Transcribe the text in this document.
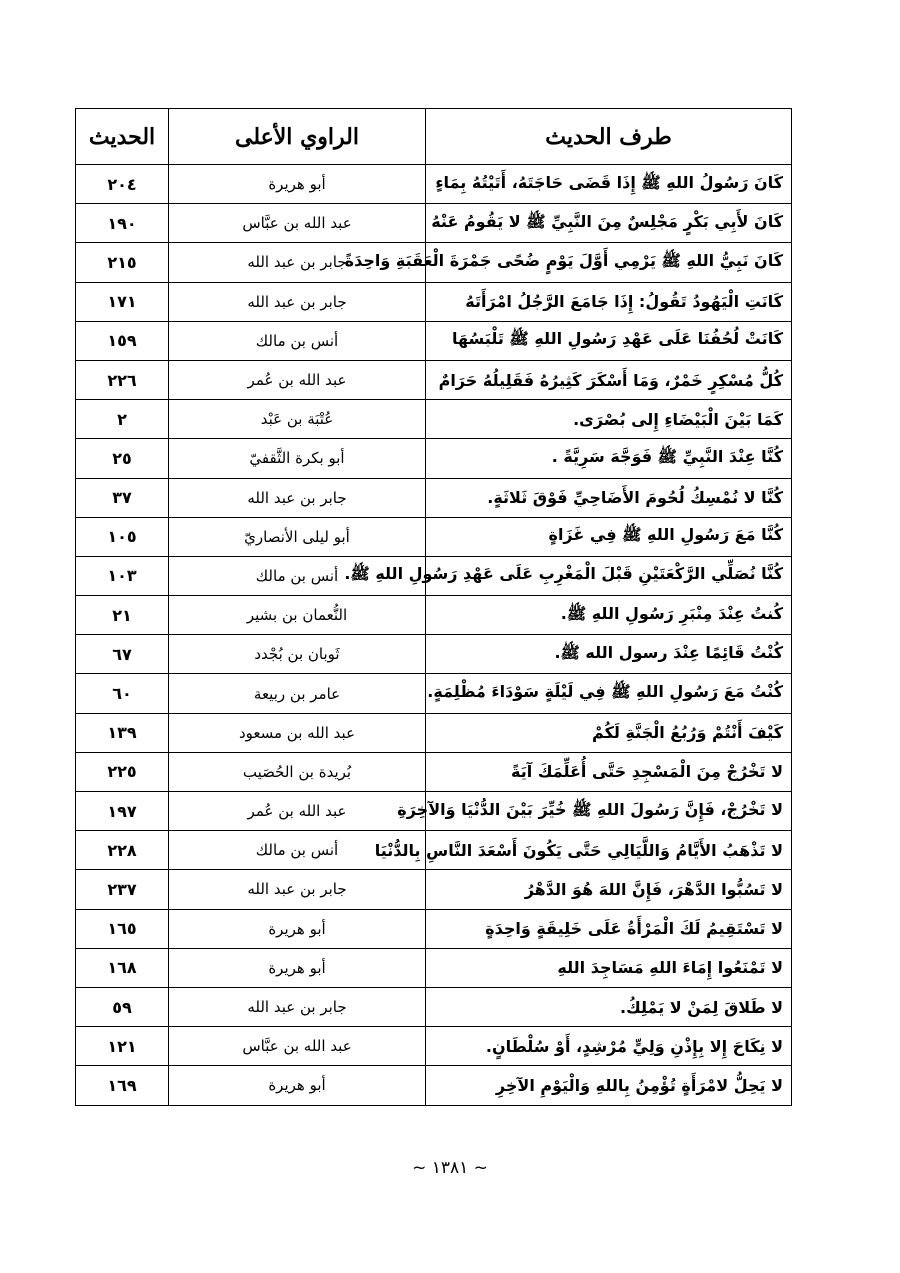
طرف الحديث	الراوي الأعلى		الحديث
كَانَ رَسُولُ اللهِ ﷺ إِذَا قَضَى حَاجَتَهُ، أَتَيْتُهُ بِمَاءٍ	أبو هريرة		٢٠٤
كَانَ لأَبِي بَكْرٍ مَجْلِسٌ مِنَ النَّبِيِّ ﷺ لا يَقُومُ عَنْهُ	عبد الله بن عبَّاس		١٩٠
كَانَ نَبِيُّ اللهِ ﷺ يَرْمِي أَوَّلَ يَوْمٍ ضُحًى جَمْرَةَ الْعَقَبَةِ وَاحِدَةً	جابر بن عبد الله		٢١٥
كَانَتِ الْيَهُودُ تَقُولُ: إِذَا جَامَعَ الرَّجُلُ امْرَأَتَهُ	جابر بن عبد الله		١٧١
كَانَتْ لُحُفُنَا عَلَى عَهْدِ رَسُولِ اللهِ ﷺ تَلْبَسُهَا	أنس بن مالك		١٥٩
كُلُّ مُسْكِرٍ خَمْرٌ، وَمَا أَسْكَرَ كَثِيرُهُ فَقَلِيلُهُ حَرَامٌ	عبد الله بن عُمر		٢٢٦
كَمَا بَيْنَ الْبَيْضَاءِ إِلى بُصْرَى.	عُتْبَة بن عَبْد		٢
كُنَّا عِنْدَ النَّبِيِّ ﷺ فَوَجَّهَ سَرِيَّةً .	أبو بكرة الثَّقفيّ		٢٥
كُنَّا لا نُمْسِكُ لُحُومَ الأَضَاحِيِّ فَوْقَ ثَلاثَةٍ.	جابر بن عبد الله		٣٧
كُنَّا مَعَ رَسُولِ اللهِ ﷺ فِي غَزَاةٍ	أبو ليلى الأنصاريّ		١٠٥
كُنَّا نُصَلِّي الرَّكْعَتَيْنِ قَبْلَ الْمَغْرِبِ عَلَى عَهْدِ رَسُولِ اللهِ ﷺ.	أنس بن مالك		١٠٣
كُنتُ عِنْدَ مِنْبَرِ رَسُولِ اللهِ ﷺ.	النُّعمان بن بشير		٢١
كُنْتُ قَائِمًا عِنْدَ رسول الله ﷺ.	ثَوبان بن بُجْدد		٦٧
كُنْتُ مَعَ رَسُولِ اللهِ ﷺ فِي لَيْلَةٍ سَوْدَاءَ مُظْلِمَةٍ.	عامر بن ربيعة		٦٠
كَيْفَ أَنْتُمْ وَرُبُعُ الْجَنَّةِ لَكُمْ	عبد الله بن مسعود		١٣٩
لا تَخْرُجْ مِنَ الْمَسْجِدِ حَتَّى أُعَلِّمَكَ آيَةً	بُريدة بن الحُصَيب		٢٢٥
لا تَخْرُجْ، فَإِنَّ رَسُولَ اللهِ ﷺ خُيِّرَ بَيْنَ الدُّنْيَا وَالآخِرَةِ	عبد الله بن عُمر		١٩٧
لا تَذْهَبُ الأَيَّامُ وَاللَّيَالِي حَتَّى يَكُونَ أَسْعَدَ النَّاسِ بِالدُّنْيَا	أنس بن مالك		٢٢٨
لا تَسُبُّوا الدَّهْرَ، فَإِنَّ اللهَ هُوَ الدَّهْرُ	جابر بن عبد الله		٢٣٧
لا تَسْتَقِيمُ لَكَ الْمَرْأَةُ عَلَى خَلِيقَةٍ وَاحِدَةٍ	أبو هريرة		١٦٥
لا تَمْنَعُوا إِمَاءَ اللهِ مَسَاجِدَ اللهِ	أبو هريرة		١٦٨
لا طَلاقَ لِمَنْ لا يَمْلِكُ.	جابر بن عبد الله		٥٩
لا نِكَاحَ إِلا بِإِذْنِ وَلِيٍّ مُرْشِدٍ، أَوْ سُلْطَانٍ.	عبد الله بن عبَّاس		١٢١
لا يَحِلُّ لامْرَأَةٍ تُؤْمِنُ بِاللهِ وَالْيَوْمِ الآخِرِ	أبو هريرة		١٦٩
~ ١٣٨١ ~
